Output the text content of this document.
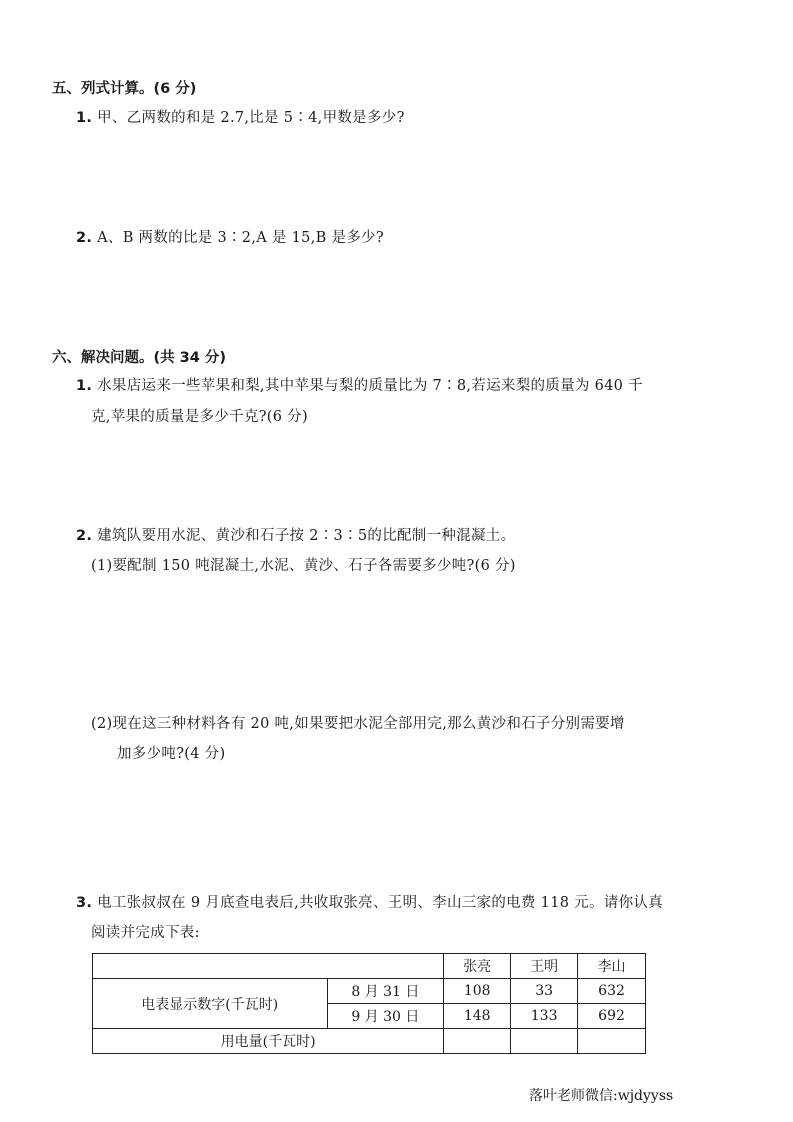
五、列式计算。(6 分)
1. 甲、乙两数的和是 2.7,比是 5∶4,甲数是多少?
2. A、B 两数的比是 3∶2,A 是 15,B 是多少?
六、解决问题。(共 34 分)
1. 水果店运来一些苹果和梨,其中苹果与梨的质量比为 7∶8,若运来梨的质量为 640 千
克,苹果的质量是多少千克?(6 分)
2. 建筑队要用水泥、黄沙和石子按 2∶3∶5的比配制一种混凝土。
(1)要配制 150 吨混凝土,水泥、黄沙、石子各需要多少吨?(6 分)
(2)现在这三种材料各有 20 吨,如果要把水泥全部用完,那么黄沙和石子分别需要增
加多少吨?(4 分)
3. 电工张叔叔在 9 月底查电表后,共收取张亮、王明、李山三家的电费 118 元。请你认真
阅读并完成下表:
		张亮	王明	李山
电表显示数字(千瓦时)	8 月 31 日	108	33	632
	9 月 30 日	148	133	692
用电量(千瓦时)				
落叶老师微信:wjdyyss
